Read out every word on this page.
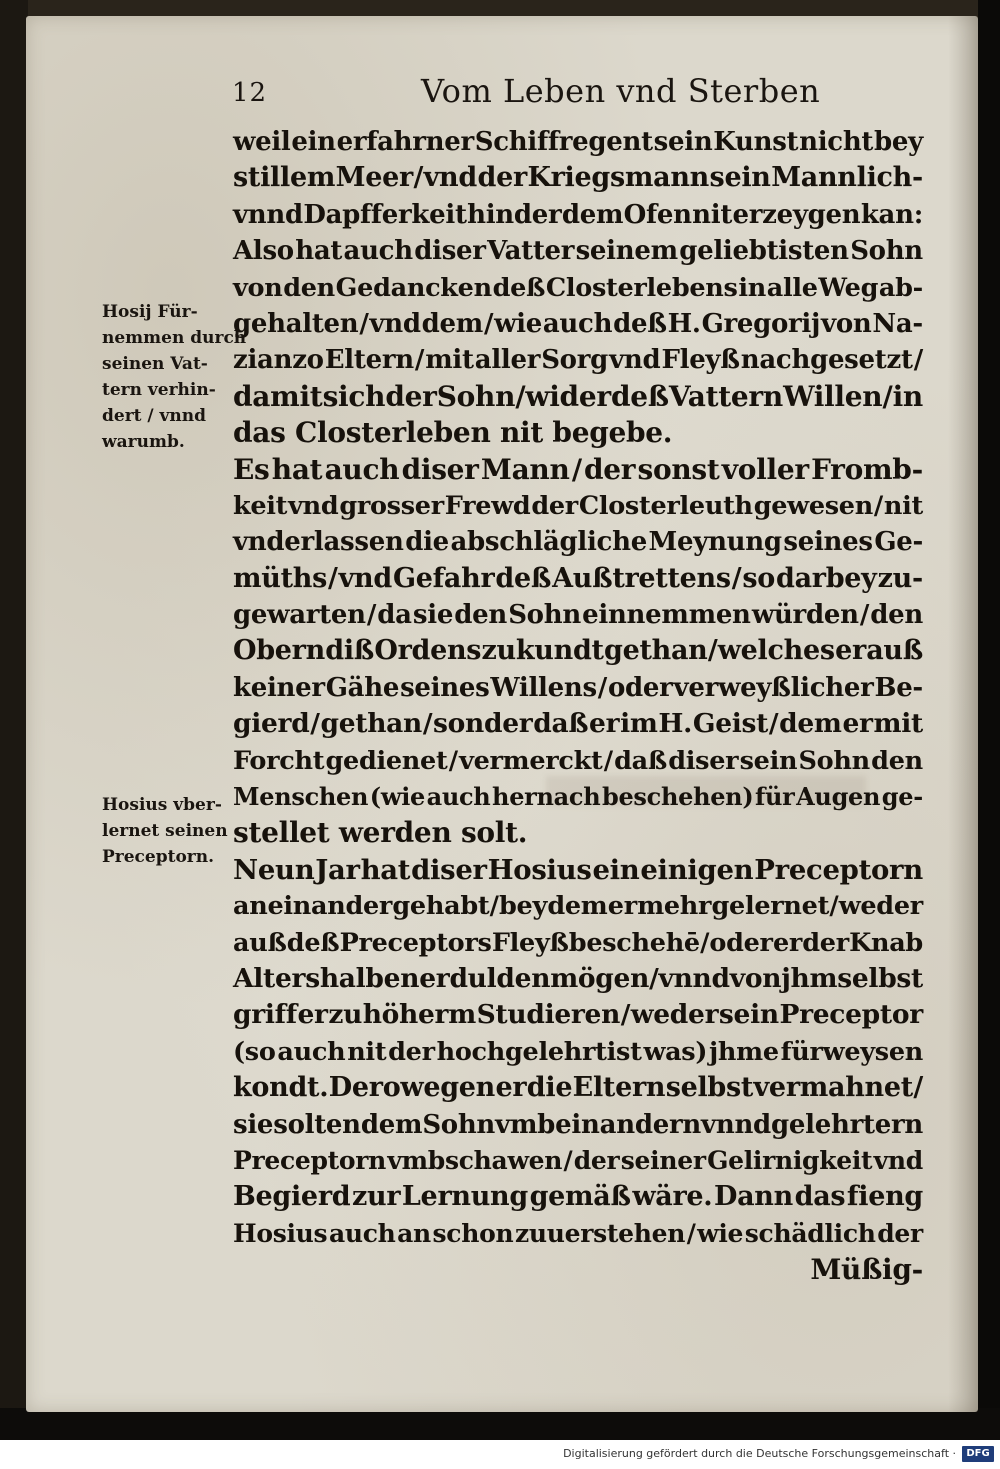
12	Vom Leben vnd Sterben
Hosij Für-
nemmen durch
seinen Vat-
tern verhin-
dert / vnnd
warumb.
Hosius vber-
lernet seinen
Preceptorn.
weil ein erfahrner Schiffregent sein Kunst nicht bey
stillem Meer / vnd der Kriegsmann sein Mannlich-
vnnd Dapfferkeit hinder dem Ofen nit erzeygen kan:
Also hat auch diser Vatter seinem geliebtisten Sohn
von den Gedancken deß Closterlebens in alle Weg ab-
gehalten / vnd dem / wie auch deß H. Gregorij von Na-
zianzo Eltern / mit aller Sorg vnd Fleyß nachgesetzt /
damit sich der Sohn / wider deß Vattern Willen / in
das Closterleben nit begebe.
Es hat auch diser Mann / der sonst voller Fromb-
keit vnd grosser Frewd der Closterleuth gewesen / nit
vnderlassen die abschlägliche Meynung seines Ge-
müths / vnd Gefahr deß Außtrettens / so darbey zu-
gewarten / da sie den Sohn einnemmen würden / den
Obern diß Ordens zukundt gethan / welches er auß
keiner Gähe seines Willens / oder verweyßlicher Be-
gierd / gethan / sonder daß er im H. Geist / dem er mit
Forcht gedienet / vermerckt / daß diser sein Sohn den
Menschen (wie auch hernach beschehen) für Augen ge-
stellet werden solt.
Neun Jar hat diser Hosius ein einigen Preceptorn
aneinander gehabt / bey dem er mehr gelernet / weder
auß deß Preceptors Fleyß beschehē / oder er der Knab
Alters halben erdulden mögen / vnnd von jhm selbst
griff er zu höherm Studieren / weder sein Preceptor
(so auch nit der hochgelehrtist was) jhme fürweysen
kondt. Derowegen er die Eltern selbst vermahnet /
sie solten dem Sohn vmb ein andern vnnd gelehrtern
Preceptorn vmbschawen / der seiner Gelirnigkeit vnd
Begierd zur Lernung gemäß wäre. Dann das fieng
Hosius auch an schon zuuerstehen / wie schädlich der
Müßig-
Digitalisierung gefördert durch die Deutsche Forschungsgemeinschaft ·	DFG
